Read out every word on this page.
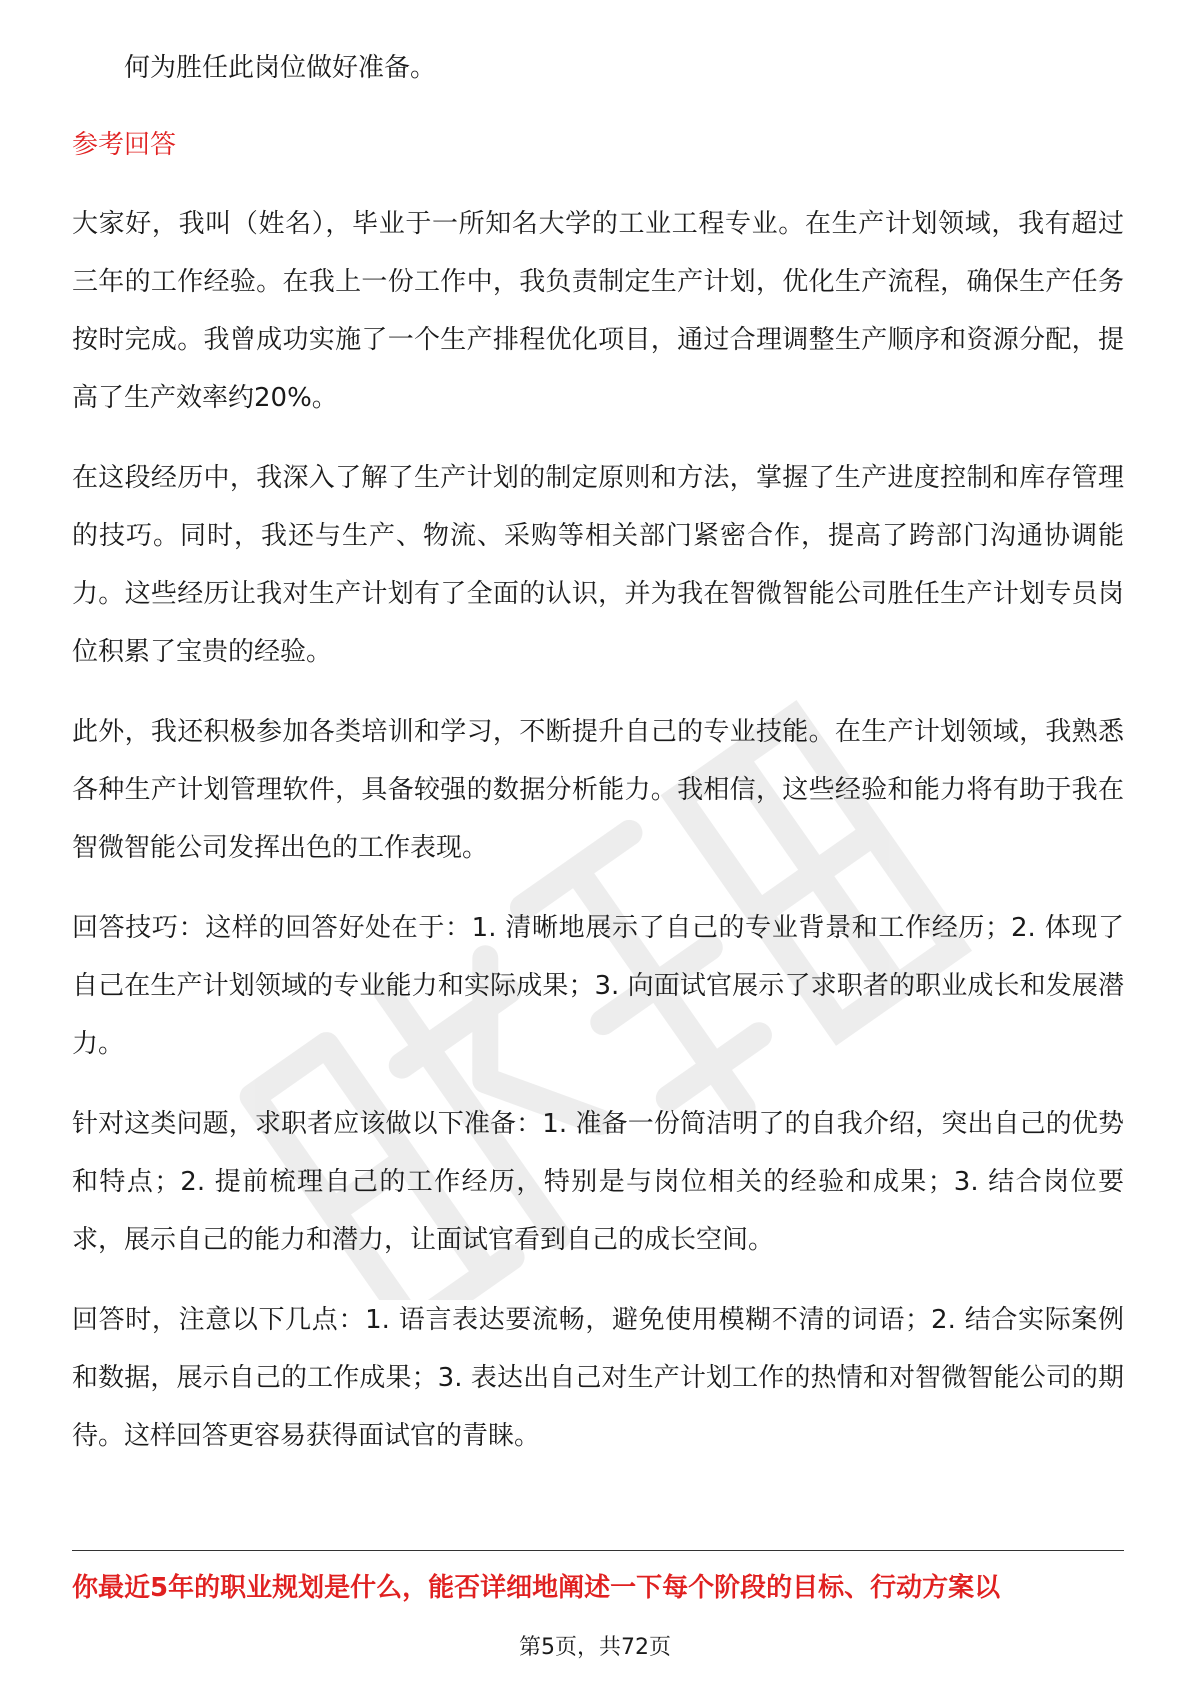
何为胜任此岗位做好准备。
参考回答

大家好，我叫（姓名），毕业于一所知名大学的工业工程专业。在生产计划领域，我有超过三年的工作经验。在我上一份工作中，我负责制定生产计划，优化生产流程，确保生产任务按时完成。我曾成功实施了一个生产排程优化项目，通过合理调整生产顺序和资源分配，提高了生产效率约20%。

在这段经历中，我深入了解了生产计划的制定原则和方法，掌握了生产进度控制和库存管理的技巧。同时，我还与生产、物流、采购等相关部门紧密合作，提高了跨部门沟通协调能力。这些经历让我对生产计划有了全面的认识，并为我在智微智能公司胜任生产计划专员岗位积累了宝贵的经验。

此外，我还积极参加各类培训和学习，不断提升自己的专业技能。在生产计划领域，我熟悉各种生产计划管理软件，具备较强的数据分析能力。我相信，这些经验和能力将有助于我在智微智能公司发挥出色的工作表现。

回答技巧：这样的回答好处在于：1. 清晰地展示了自己的专业背景和工作经历；2. 体现了自己在生产计划领域的专业能力和实际成果；3. 向面试官展示了求职者的职业成长和发展潜力。

针对这类问题，求职者应该做以下准备：1. 准备一份简洁明了的自我介绍，突出自己的优势和特点；2. 提前梳理自己的工作经历，特别是与岗位相关的经验和成果；3. 结合岗位要求，展示自己的能力和潜力，让面试官看到自己的成长空间。

回答时，注意以下几点：1. 语言表达要流畅，避免使用模糊不清的词语；2. 结合实际案例和数据，展示自己的工作成果；3. 表达出自己对生产计划工作的热情和对智微智能公司的期待。这样回答更容易获得面试官的青睐。

你最近5年的职业规划是什么，能否详细地阐述一下每个阶段的目标、行动方案以
第5页，共72页
